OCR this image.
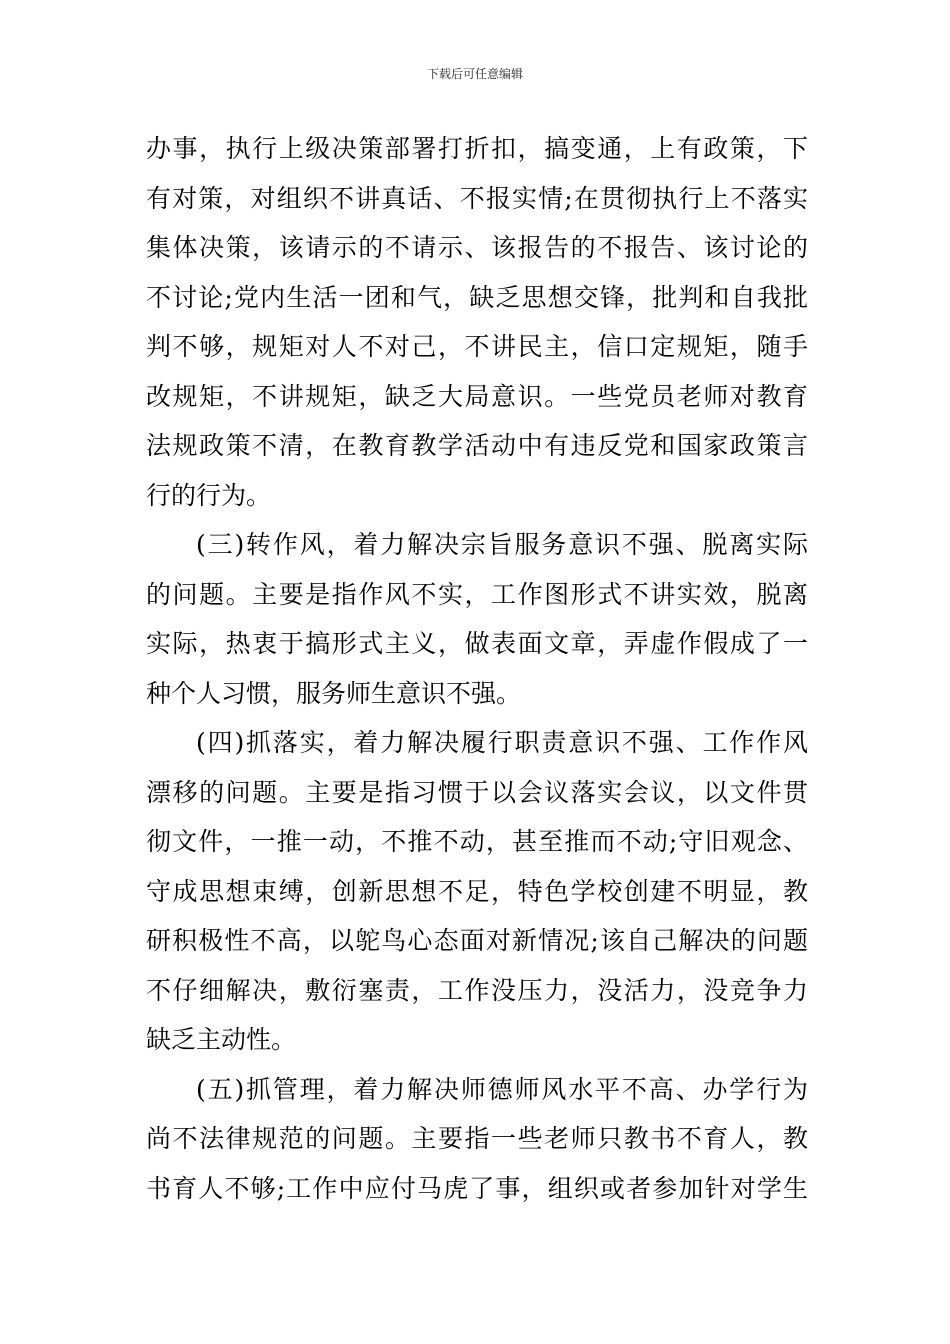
下载后可任意编辑
办事，执行上级决策部署打折扣，搞变通，上有政策，下
有对策，对组织不讲真话、不报实情;在贯彻执行上不落实
集体决策，该请示的不请示、该报告的不报告、该讨论的
不讨论;党内生活一团和气，缺乏思想交锋，批判和自我批
判不够，规矩对人不对己，不讲民主，信口定规矩，随手
改规矩，不讲规矩，缺乏大局意识。一些党员老师对教育
法规政策不清，在教育教学活动中有违反党和国家政策言
行的行为。
(三)转作风，着力解决宗旨服务意识不强、脱离实际
的问题。主要是指作风不实，工作图形式不讲实效，脱离
实际，热衷于搞形式主义，做表面文章，弄虚作假成了一
种个人习惯，服务师生意识不强。
(四)抓落实，着力解决履行职责意识不强、工作作风
漂移的问题。主要是指习惯于以会议落实会议，以文件贯
彻文件，一推一动，不推不动，甚至推而不动;守旧观念、
守成思想束缚，创新思想不足，特色学校创建不明显，教
研积极性不高，以鸵鸟心态面对新情况;该自己解决的问题
不仔细解决，敷衍塞责，工作没压力，没活力，没竞争力
缺乏主动性。
(五)抓管理，着力解决师德师风水平不高、办学行为
尚不法律规范的问题。主要指一些老师只教书不育人，教
书育人不够;工作中应付马虎了事，组织或者参加针对学生
